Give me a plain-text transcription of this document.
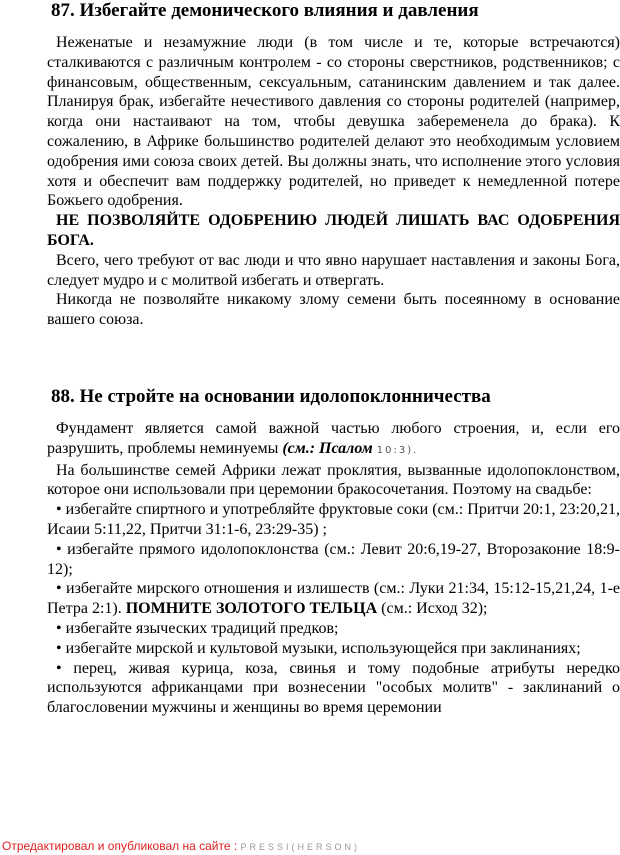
87. Избегайте демонического влияния и давления

Неженатые и незамужние люди (в том числе и те, которые встречаются) сталкиваются с различным контролем - со стороны сверстников, родственников; с финансовым, общественным, сексуальным, сатанинским давлением и так далее. Планируя брак, избегайте нечестивого давления со стороны родителей (например, когда они настаивают на том, чтобы девушка забеременела до брака). К сожалению, в Африке большинство родителей делают это необходимым условием одобрения ими союза своих детей. Вы должны знать, что исполнение этого условия хотя и обеспечит вам поддержку родителей, но приведет к немедленной потере Божьего одобрения.

НЕ ПОЗВОЛЯЙТЕ ОДОБРЕНИЮ ЛЮДЕЙ ЛИШАТЬ ВАС ОДОБРЕНИЯ БОГА.

Всего, чего требуют от вас люди и что явно нарушает наставления и законы Бога, следует мудро и с молитвой избегать и отвергать.

Никогда не позволяйте никакому злому семени быть посеянному в основание вашего союза.

88. Не стройте на основании идолопоклонничества

Фундамент является самой важной частью любого строения, и, если его разрушить, проблемы неминуемы (см.: Псалом 10:3).

На большинстве семей Африки лежат проклятия, вызванные идолопоклонством, которое они использовали при церемонии бракосочетания. Поэтому на свадьбе:

• избегайте спиртного и употребляйте фруктовые соки (см.: Притчи 20:1, 23:20,21, Исаии 5:11,22, Притчи 31:1-6, 23:29-35) ;

• избегайте прямого идолопоклонства (см.: Левит 20:6,19-27, Второзаконие 18:9-12);

• избегайте мирского отношения и излишеств (см.: Луки 21:34, 15:12-15,21,24, 1-е Петра 2:1). ПОМНИТЕ ЗОЛОТОГО ТЕЛЬЦА (см.: Исход 32);

• избегайте языческих традиций предков;

• избегайте мирской и культовой музыки, использующейся при заклинаниях;

• перец, живая курица, коза, свинья и тому подобные атрибуты нередко используются африканцами при вознесении "особых молитв" - заклинаний о благословении мужчины и женщины во время церемонии

Отредактировал и опубликовал на сайте : PRESSI(HERSON)
